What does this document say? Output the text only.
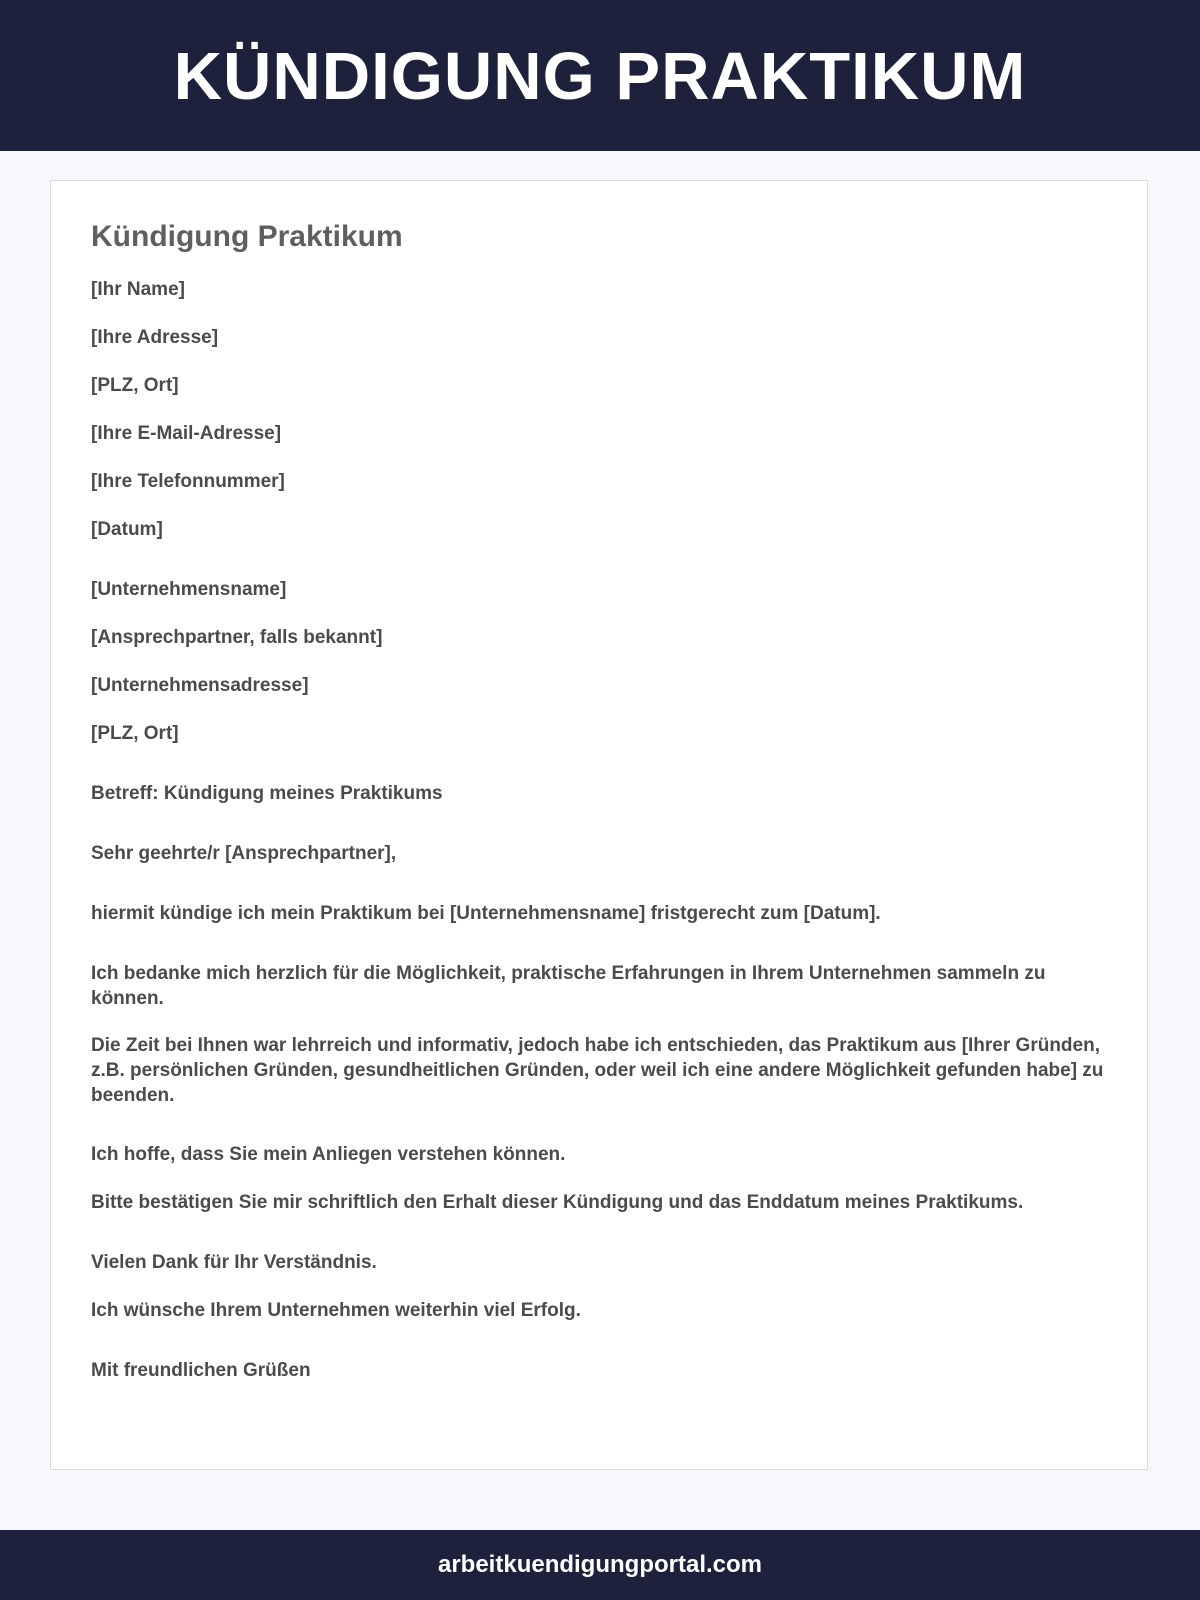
KÜNDIGUNG PRAKTIKUM
Kündigung Praktikum

[Ihr Name]

[Ihre Adresse]

[PLZ, Ort]

[Ihre E-Mail-Adresse]

[Ihre Telefonnummer]

[Datum]

[Unternehmensname]

[Ansprechpartner, falls bekannt]

[Unternehmensadresse]

[PLZ, Ort]

Betreff: Kündigung meines Praktikums

Sehr geehrte/r [Ansprechpartner],

hiermit kündige ich mein Praktikum bei [Unternehmensname] fristgerecht zum [Datum].

Ich bedanke mich herzlich für die Möglichkeit, praktische Erfahrungen in Ihrem Unternehmen sammeln zu können.

Die Zeit bei Ihnen war lehrreich und informativ, jedoch habe ich entschieden, das Praktikum aus [Ihrer Gründen, z.B. persönlichen Gründen, gesundheitlichen Gründen, oder weil ich eine andere Möglichkeit gefunden habe] zu beenden.

Ich hoffe, dass Sie mein Anliegen verstehen können.

Bitte bestätigen Sie mir schriftlich den Erhalt dieser Kündigung und das Enddatum meines Praktikums.

Vielen Dank für Ihr Verständnis.

Ich wünsche Ihrem Unternehmen weiterhin viel Erfolg.

Mit freundlichen Grüßen

arbeitkuendigungportal.com
